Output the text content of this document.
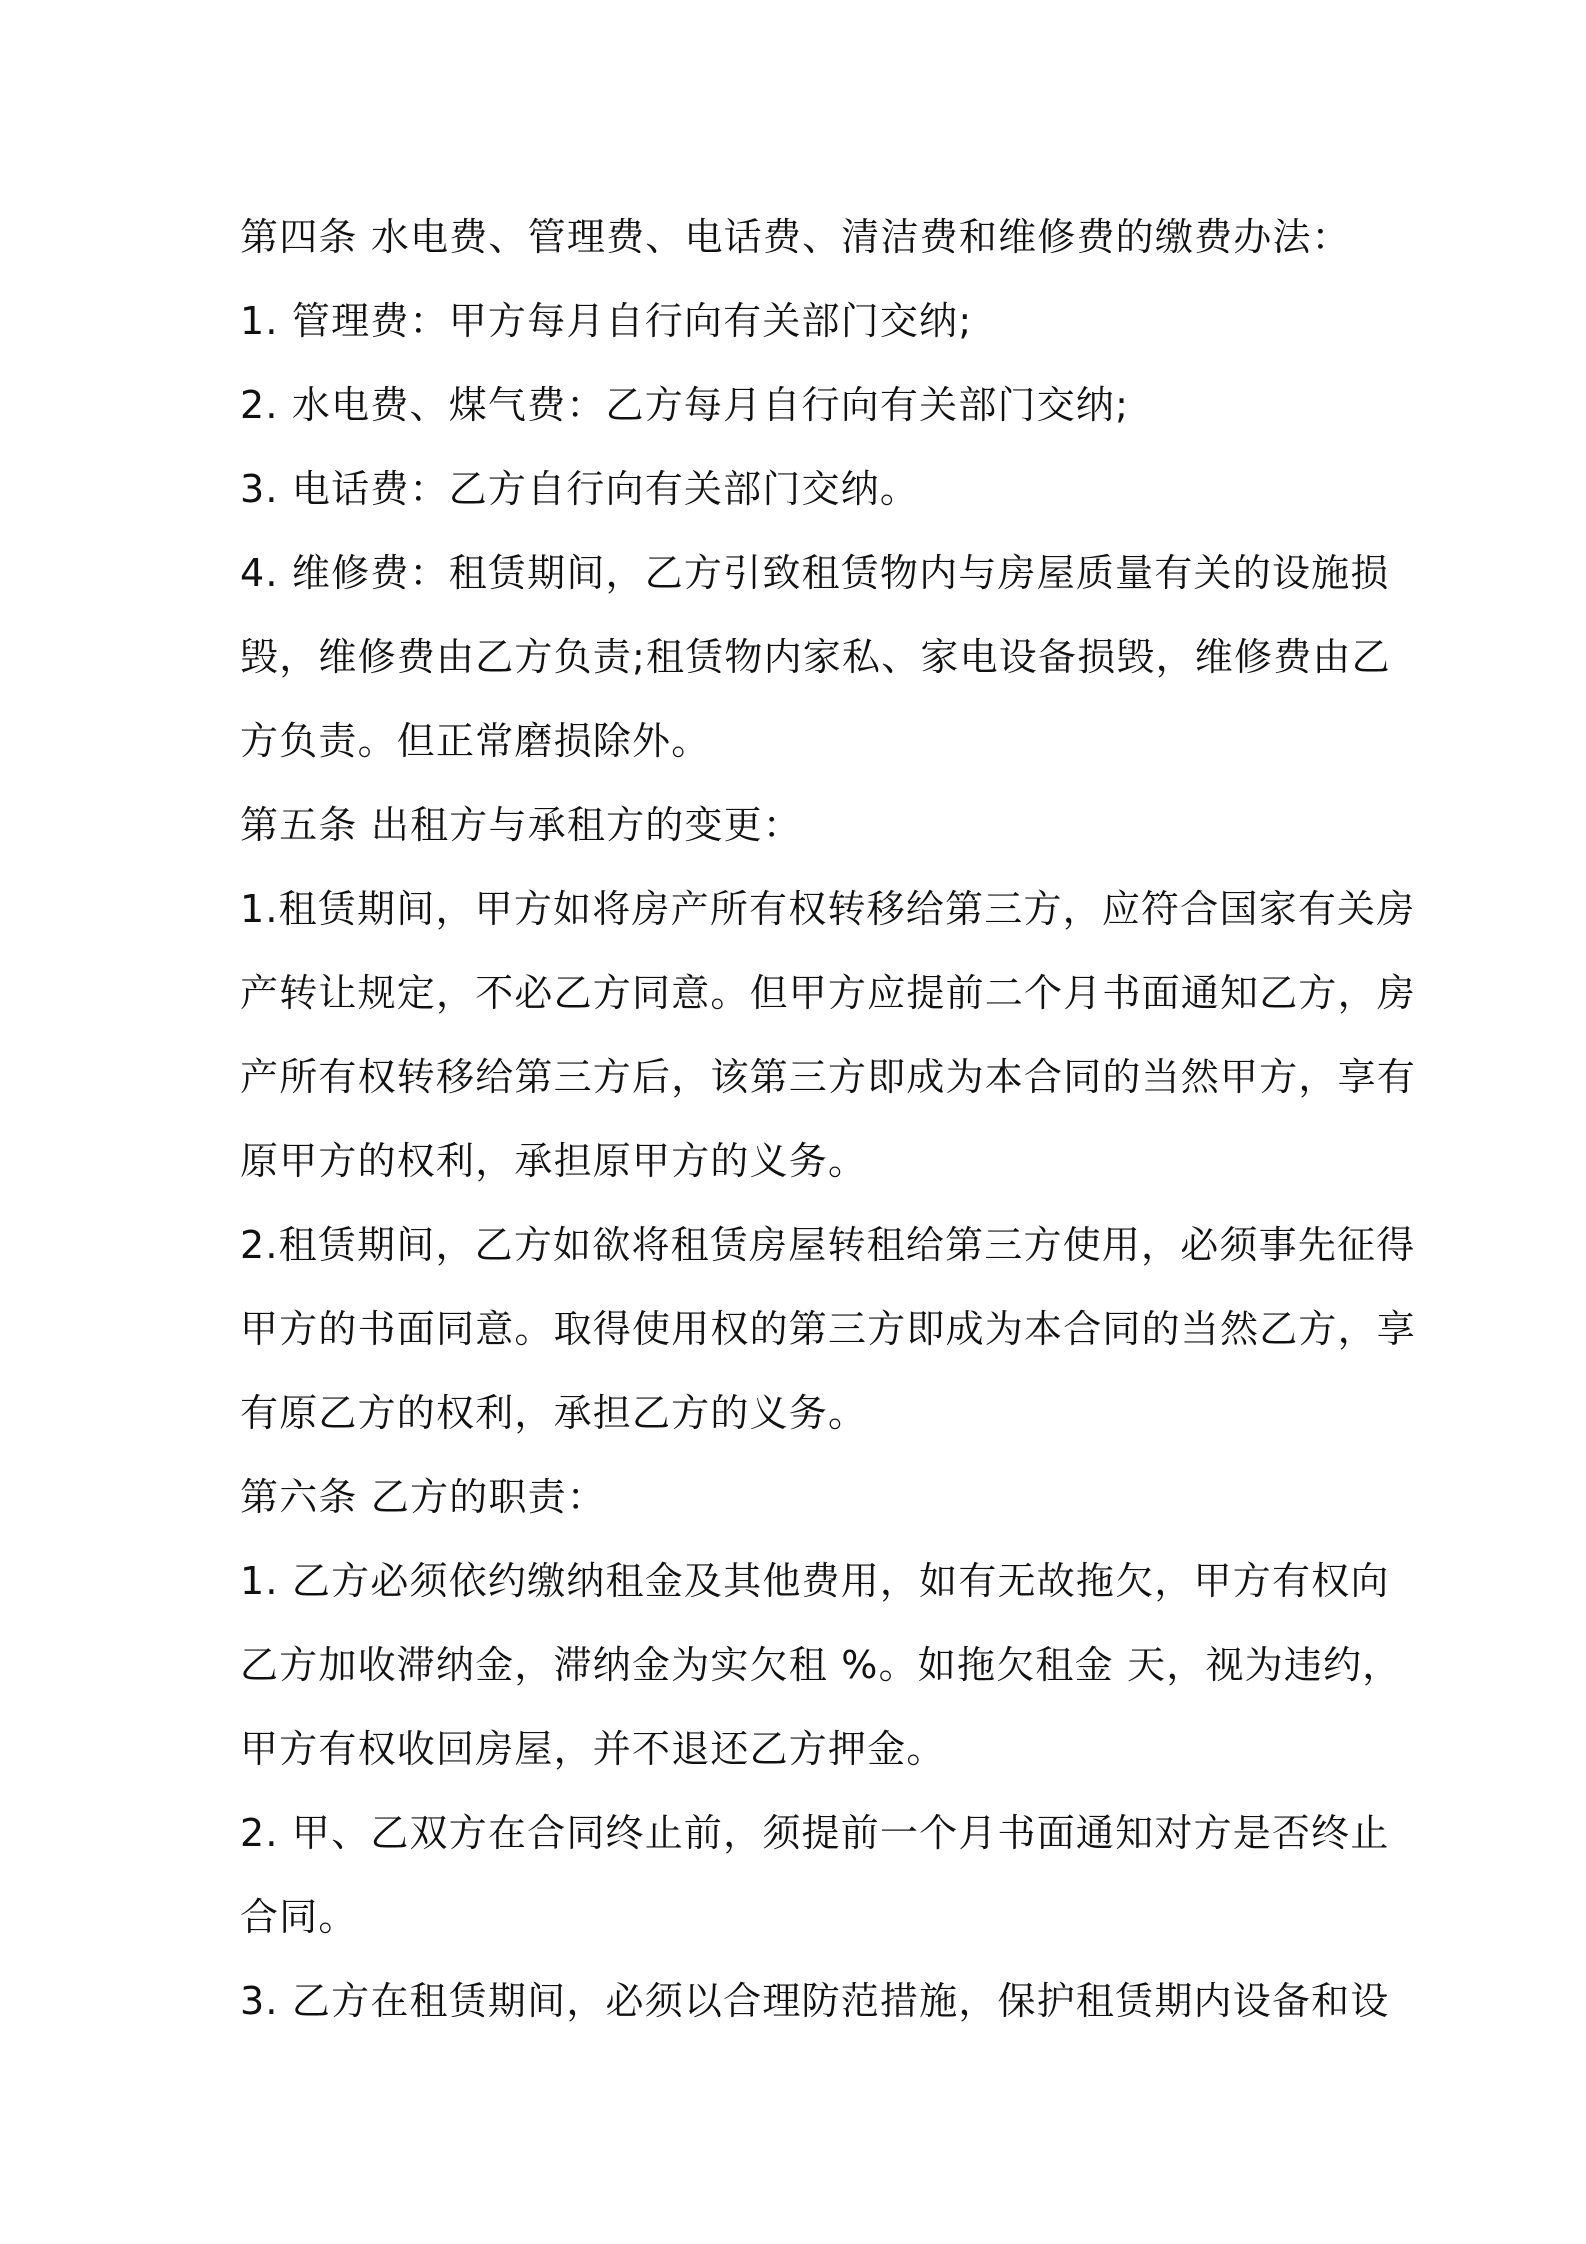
第四条 水电费、管理费、电话费、清洁费和维修费的缴费办法：

1. 管理费：甲方每月自行向有关部门交纳;

2. 水电费、煤气费：乙方每月自行向有关部门交纳;

3. 电话费：乙方自行向有关部门交纳。

4. 维修费：租赁期间，乙方引致租赁物内与房屋质量有关的设施损

毁，维修费由乙方负责;租赁物内家私、家电设备损毁，维修费由乙

方负责。但正常磨损除外。

第五条 出租方与承租方的变更：

1.租赁期间，甲方如将房产所有权转移给第三方，应符合国家有关房

产转让规定，不必乙方同意。但甲方应提前二个月书面通知乙方，房

产所有权转移给第三方后，该第三方即成为本合同的当然甲方，享有

原甲方的权利，承担原甲方的义务。

2.租赁期间，乙方如欲将租赁房屋转租给第三方使用，必须事先征得

甲方的书面同意。取得使用权的第三方即成为本合同的当然乙方，享

有原乙方的权利，承担乙方的义务。

第六条 乙方的职责：

1. 乙方必须依约缴纳租金及其他费用，如有无故拖欠，甲方有权向

乙方加收滞纳金，滞纳金为实欠租 %。如拖欠租金 天，视为违约，

甲方有权收回房屋，并不退还乙方押金。

2. 甲、乙双方在合同终止前，须提前一个月书面通知对方是否终止

合同。

3. 乙方在租赁期间，必须以合理防范措施，保护租赁期内设备和设
